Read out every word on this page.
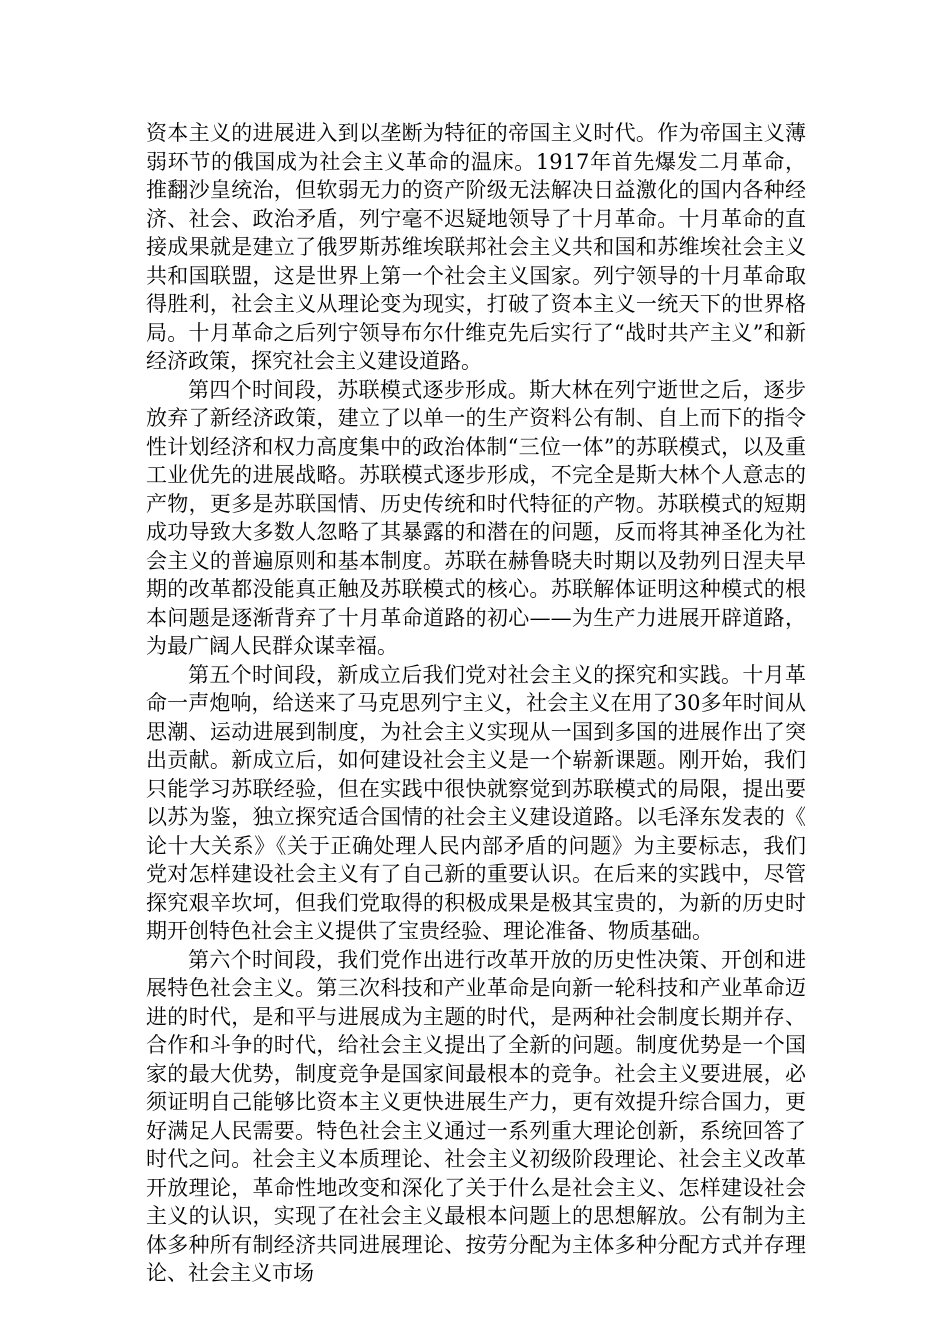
资本主义的进展进入到以垄断为特征的帝国主义时代。作为帝国主义薄弱环节的俄国成为社会主义革命的温床。1917年首先爆发二月革命，推翻沙皇统治，但软弱无力的资产阶级无法解决日益激化的国内各种经济、社会、政治矛盾，列宁毫不迟疑地领导了十月革命。十月革命的直接成果就是建立了俄罗斯苏维埃联邦社会主义共和国和苏维埃社会主义共和国联盟，这是世界上第一个社会主义国家。列宁领导的十月革命取得胜利，社会主义从理论变为现实，打破了资本主义一统天下的世界格局。十月革命之后列宁领导布尔什维克先后实行了“战时共产主义”和新经济政策，探究社会主义建设道路。

第四个时间段，苏联模式逐步形成。斯大林在列宁逝世之后，逐步放弃了新经济政策，建立了以单一的生产资料公有制、自上而下的指令性计划经济和权力高度集中的政治体制“三位一体”的苏联模式，以及重工业优先的进展战略。苏联模式逐步形成，不完全是斯大林个人意志的产物，更多是苏联国情、历史传统和时代特征的产物。苏联模式的短期成功导致大多数人忽略了其暴露的和潜在的问题，反而将其神圣化为社会主义的普遍原则和基本制度。苏联在赫鲁晓夫时期以及勃列日涅夫早期的改革都没能真正触及苏联模式的核心。苏联解体证明这种模式的根本问题是逐渐背弃了十月革命道路的初心——为生产力进展开辟道路，为最广阔人民群众谋幸福。

第五个时间段，新成立后我们党对社会主义的探究和实践。十月革命一声炮响，给送来了马克思列宁主义，社会主义在用了30多年时间从思潮、运动进展到制度，为社会主义实现从一国到多国的进展作出了突出贡献。新成立后，如何建设社会主义是一个崭新课题。刚开始，我们只能学习苏联经验，但在实践中很快就察觉到苏联模式的局限，提出要以苏为鉴，独立探究适合国情的社会主义建设道路。以毛泽东发表的《论十大关系》《关于正确处理人民内部矛盾的问题》为主要标志，我们党对怎样建设社会主义有了自己新的重要认识。在后来的实践中，尽管探究艰辛坎坷，但我们党取得的积极成果是极其宝贵的，为新的历史时期开创特色社会主义提供了宝贵经验、理论准备、物质基础。

第六个时间段，我们党作出进行改革开放的历史性决策、开创和进展特色社会主义。第三次科技和产业革命是向新一轮科技和产业革命迈进的时代，是和平与进展成为主题的时代，是两种社会制度长期并存、合作和斗争的时代，给社会主义提出了全新的问题。制度优势是一个国家的最大优势，制度竞争是国家间最根本的竞争。社会主义要进展，必须证明自己能够比资本主义更快进展生产力，更有效提升综合国力，更好满足人民需要。特色社会主义通过一系列重大理论创新，系统回答了时代之问。社会主义本质理论、社会主义初级阶段理论、社会主义改革开放理论，革命性地改变和深化了关于什么是社会主义、怎样建设社会主义的认识，实现了在社会主义最根本问题上的思想解放。公有制为主体多种所有制经济共同进展理论、按劳分配为主体多种分配方式并存理论、社会主义市场
